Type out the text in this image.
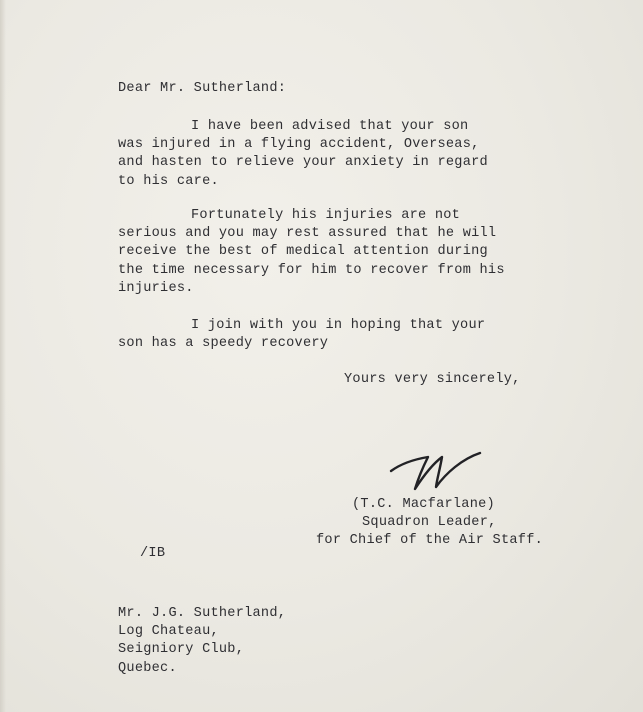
Dear Mr. Sutherland:
I have been advised that your son
was injured in a flying accident, Overseas,
and hasten to relieve your anxiety in regard
to his care.
Fortunately his injuries are not
serious and you may rest assured that he will
receive the best of medical attention during
the time necessary for him to recover from his
injuries.
I join with you in hoping that your
son has a speedy recovery
Yours very sincerely,
(T.C. Macfarlane)
Squadron Leader,
for Chief of the Air Staff.
/IB
Mr. J.G. Sutherland,
Log Chateau,
Seigniory Club,
Quebec.
